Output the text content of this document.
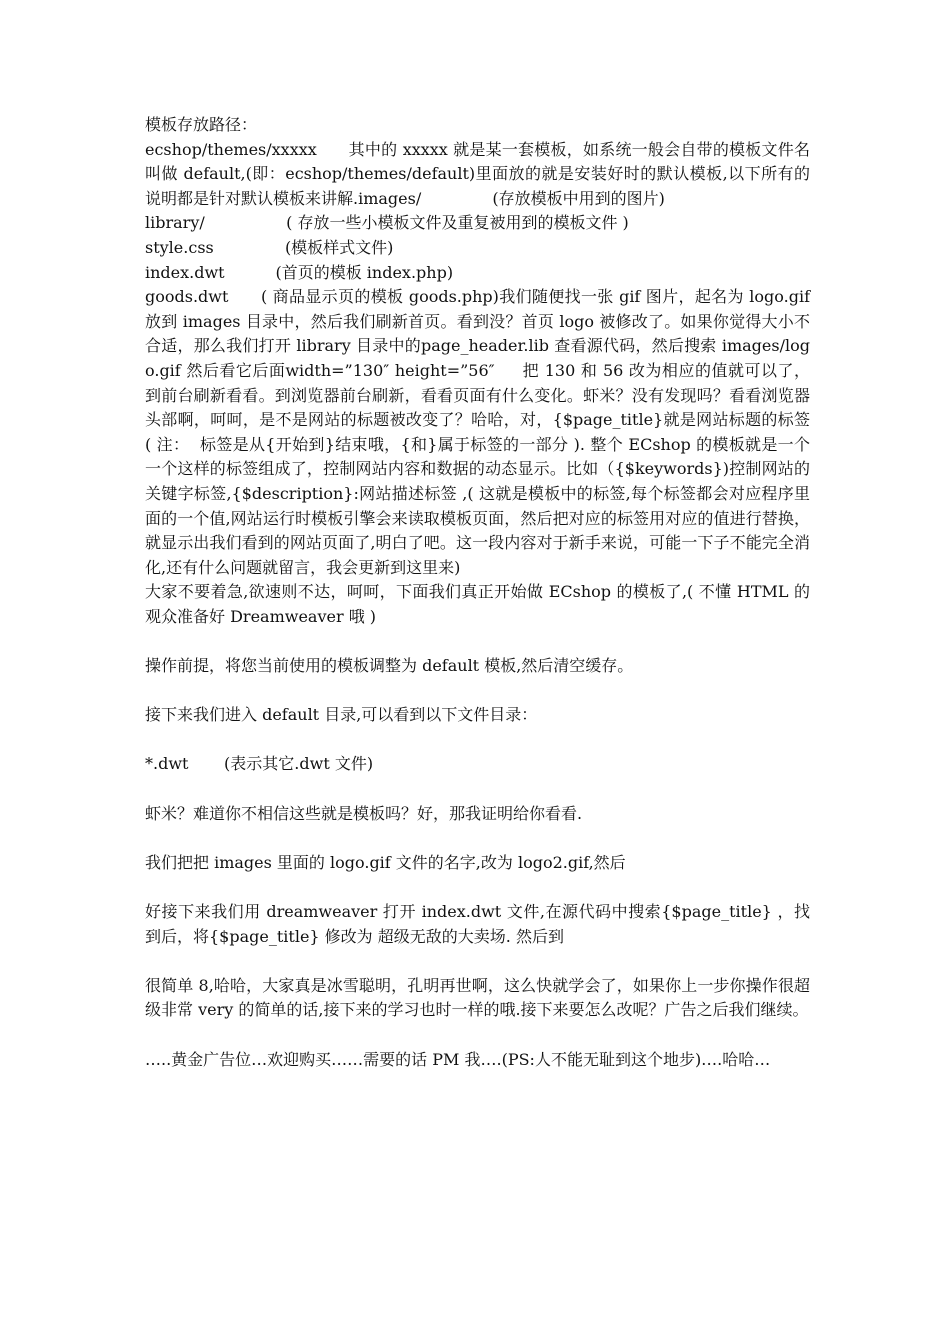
模板存放路径：

ecshop/themes/xxxxx      其中的 xxxxx 就是某一套模板，如系统一般会自带的模板文件名叫做 default,(即：ecshop/themes/default)里面放的就是安装好时的默认模板,以下所有的说明都是针对默认模板来讲解.images/              (存放模板中用到的图片)

library/                ( 存放一些小模板文件及重复被用到的模板文件 )

style.css              (模板样式文件)

index.dwt          (首页的模板 index.php)

goods.dwt      ( 商品显示页的模板 goods.php)我们随便找一张 gif 图片，起名为 logo.gif 放到 images 目录中，然后我们刷新首页。看到没？首页 logo 被修改了。如果你觉得大小不合适，那么我们打开 library 目录中的page_header.lib 查看源代码，然后搜索 images/logo.gif 然后看它后面width=”130″ height=”56″     把 130 和 56 改为相应的值就可以了，到前台刷新看看。到浏览器前台刷新，看看页面有什么变化。虾米？没有发现吗？看看浏览器头部啊，呵呵，是不是网站的标题被改变了？哈哈，对，{$page_title}就是网站标题的标签 ( 注：  标签是从{开始到}结束哦，{和}属于标签的一部分 ). 整个 ECshop 的模板就是一个一个这样的标签组成了，控制网站内容和数据的动态显示。比如（{$keywords})控制网站的关键字标签,{$description}:网站描述标签 ,( 这就是模板中的标签,每个标签都会对应程序里面的一个值,网站运行时模板引擎会来读取模板页面，然后把对应的标签用对应的值进行替换，就显示出我们看到的网站页面了,明白了吧。这一段内容对于新手来说，可能一下子不能完全消化,还有什么问题就留言，我会更新到这里来)

大家不要着急,欲速则不达，呵呵，下面我们真正开始做 ECshop 的模板了,( 不懂 HTML 的观众准备好 Dreamweaver 哦 )

操作前提，将您当前使用的模板调整为 default 模板,然后清空缓存。

接下来我们进入 default 目录,可以看到以下文件目录：

*.dwt       (表示其它.dwt 文件)

虾米？难道你不相信这些就是模板吗？好，那我证明给你看看.

我们把把 images 里面的 logo.gif 文件的名字,改为 logo2.gif,然后

好接下来我们用 dreamweaver 打开 index.dwt 文件,在源代码中搜索{$page_title} ，找到后，将{$page_title} 修改为 超级无敌的大卖场. 然后到

很简单 8,哈哈，大家真是冰雪聪明，孔明再世啊，这么快就学会了，如果你上一步你操作很超级非常 very 的简单的话,接下来的学习也时一样的哦.接下来要怎么改呢？广告之后我们继续。

…..黄金广告位…欢迎购买……需要的话 PM 我….(PS:人不能无耻到这个地步)….哈哈…
